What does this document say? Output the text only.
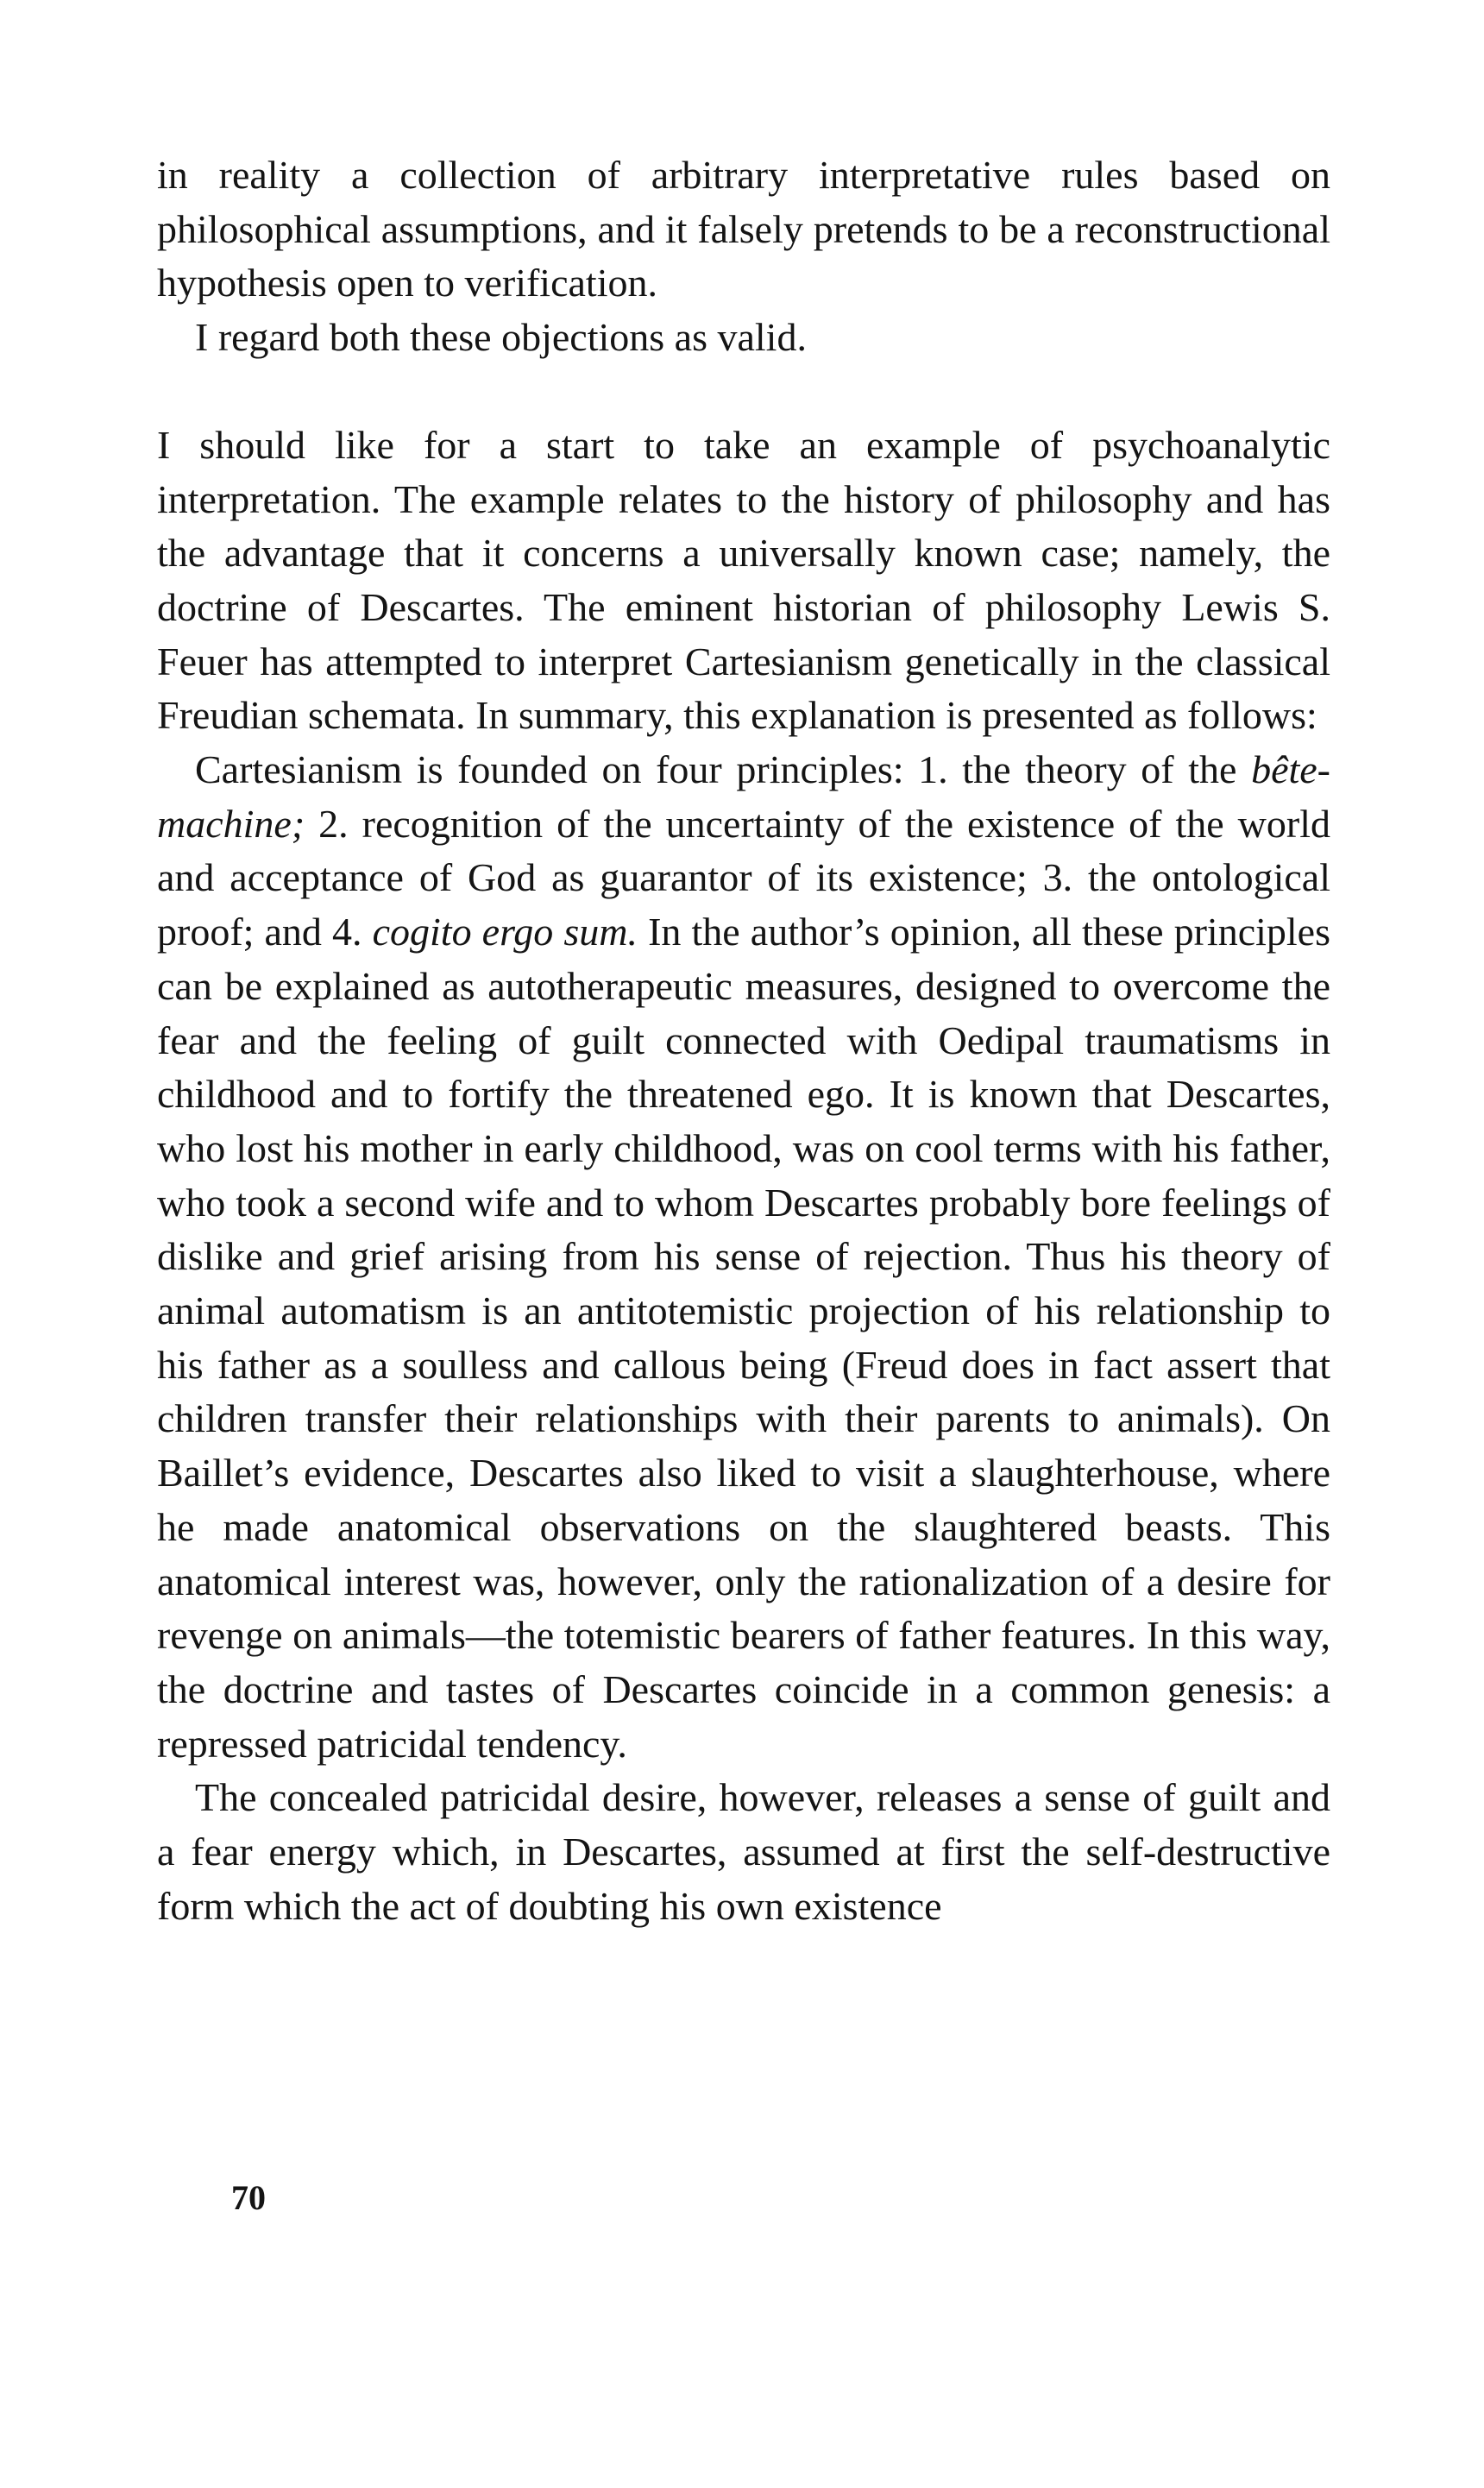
in reality a collection of arbitrary interpretative rules based on philosophical assumptions, and it falsely pretends to be a reconstructional hypothesis open to verification.

I regard both these objections as valid.

I should like for a start to take an example of psychoanalytic interpretation. The example relates to the history of philosophy and has the advantage that it concerns a universally known case; namely, the doctrine of Descartes. The eminent historian of philosophy Lewis S. Feuer has attempted to interpret Cartesianism genetically in the classical Freudian schemata. In summary, this explanation is presented as follows:

Cartesianism is founded on four principles: 1. the theory of the bête-machine; 2. recognition of the uncertainty of the existence of the world and acceptance of God as guarantor of its existence; 3. the ontological proof; and 4. cogito ergo sum. In the author’s opinion, all these principles can be explained as autotherapeutic measures, designed to overcome the fear and the feeling of guilt connected with Oedipal traumatisms in childhood and to fortify the threatened ego. It is known that Descartes, who lost his mother in early childhood, was on cool terms with his father, who took a second wife and to whom Descartes probably bore feelings of dislike and grief arising from his sense of rejection. Thus his theory of animal automatism is an antitotemistic projection of his relationship to his father as a soulless and callous being (Freud does in fact assert that children transfer their relationships with their parents to animals). On Baillet’s evidence, Descartes also liked to visit a slaughterhouse, where he made anatomical observations on the slaughtered beasts. This anatomical interest was, however, only the rationalization of a desire for revenge on animals—the totemistic bearers of father features. In this way, the doctrine and tastes of Descartes coincide in a common genesis: a repressed patricidal tendency.

The concealed patricidal desire, however, releases a sense of guilt and a fear energy which, in Descartes, assumed at first the self-destructive form which the act of doubting his own existence

70
